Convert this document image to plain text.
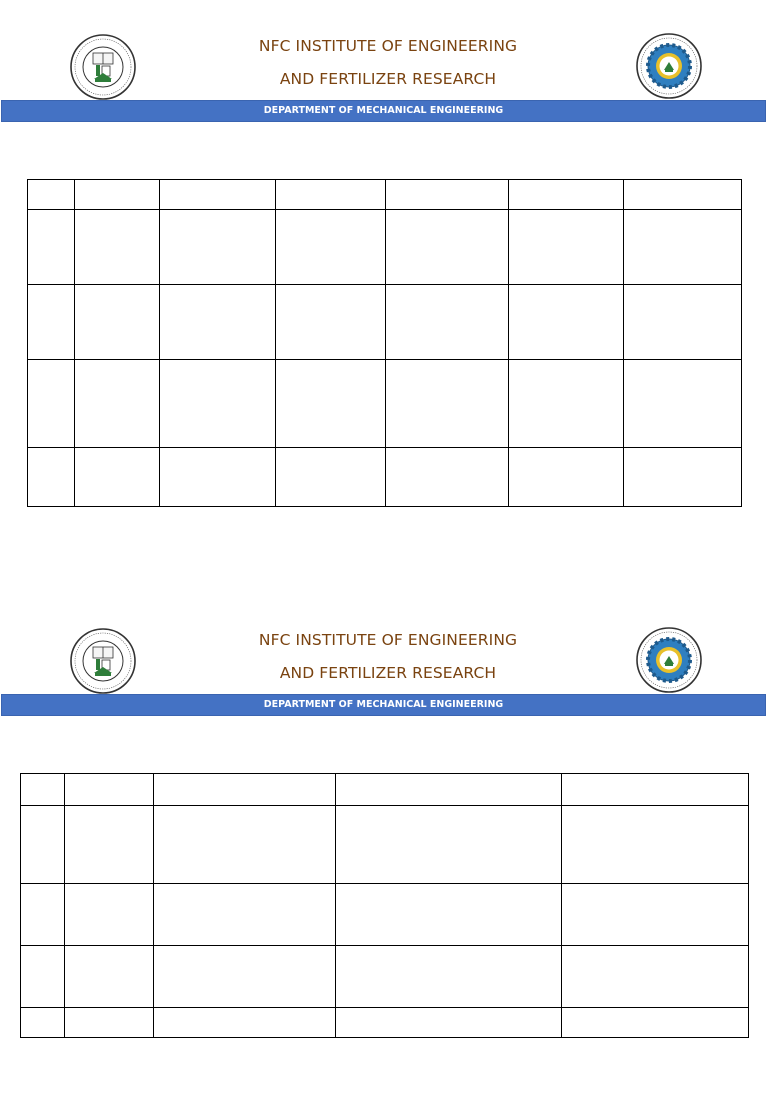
NFC INSTITUTE OF ENGINEERING
AND FERTILIZER RESEARCH
DEPARTMENT OF MECHANICAL ENGINEERING

NFC INSTITUTE OF ENGINEERING
AND FERTILIZER RESEARCH
DEPARTMENT OF MECHANICAL ENGINEERING
